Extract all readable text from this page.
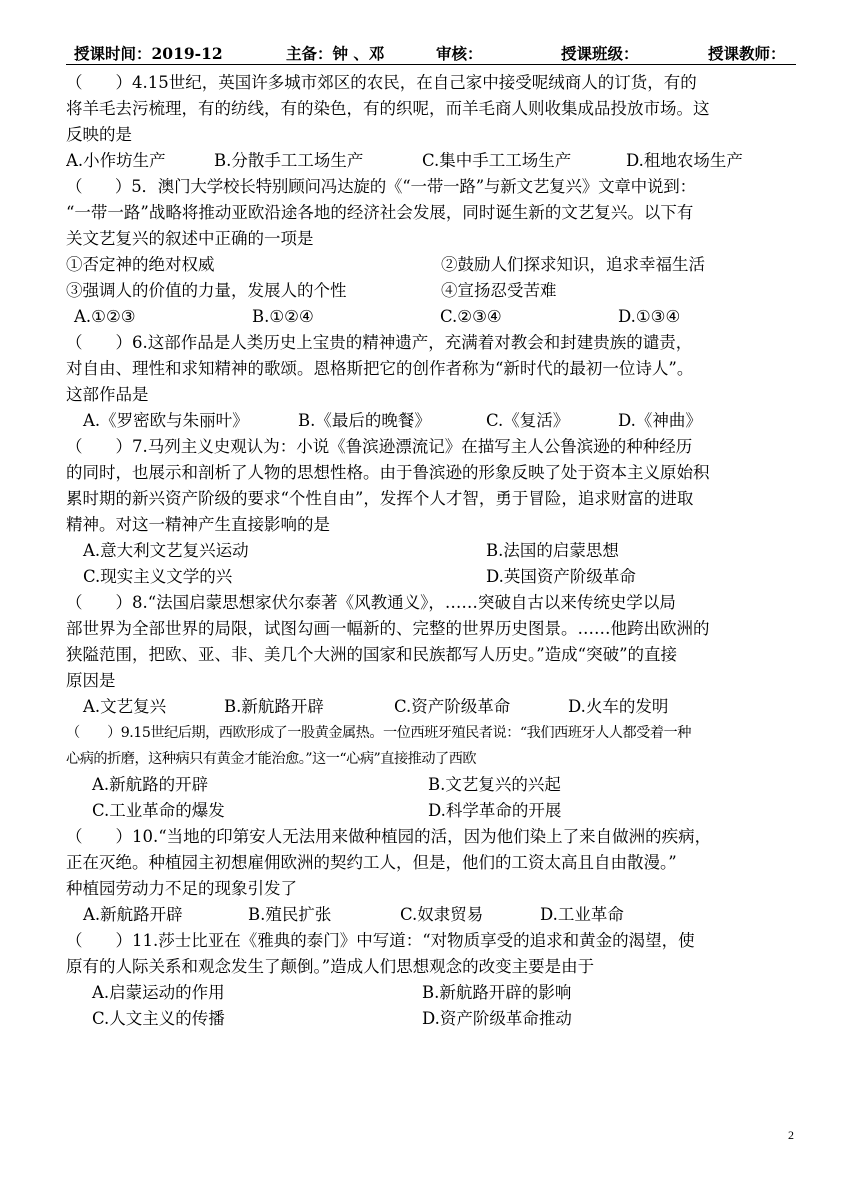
授课时间：2019-12	主备：钟 、邓	审核：	授课班级：	授课教师：
（　　）4.15世纪，英国许多城市郊区的农民，在自己家中接受呢绒商人的订货，有的
将羊毛去污梳理，有的纺线，有的染色，有的织呢，而羊毛商人则收集成品投放市场。这
反映的是
A.小作坊生产	B.分散手工工场生产	C.集中手工工场生产	D.租地农场生产
（　　）5．澳门大学校长特别顾问冯达旋的《“一带一路”与新文艺复兴》文章中说到：
“一带一路”战略将推动亚欧沿途各地的经济社会发展，同时诞生新的文艺复兴。以下有
关文艺复兴的叙述中正确的一项是
①否定神的绝对权威	②鼓励人们探求知识，追求幸福生活
③强调人的价值的力量，发展人的个性	④宣扬忍受苦难
A.①②③	B.①②④	C.②③④	D.①③④
（　　）6.这部作品是人类历史上宝贵的精神遗产，充满着对教会和封建贵族的谴责，
对自由、理性和求知精神的歌颂。恩格斯把它的创作者称为“新时代的最初一位诗人”。
这部作品是
A.《罗密欧与朱丽叶》	B.《最后的晚餐》	C.《复活》	D.《神曲》
（　　）7.马列主义史观认为：小说《鲁滨逊漂流记》在描写主人公鲁滨逊的种种经历
的同时，也展示和剖析了人物的思想性格。由于鲁滨逊的形象反映了处于资本主义原始积
累时期的新兴资产阶级的要求“个性自由”，发挥个人才智，勇于冒险，追求财富的进取
精神。对这一精神产生直接影响的是
A.意大利文艺复兴运动	B.法国的启蒙思想
C.现实主义文学的兴	D.英国资产阶级革命
（　　）8.“法国启蒙思想家伏尔泰著《风教通义》，……突破自古以来传统史学以局
部世界为全部世界的局限，试图勾画一幅新的、完整的世界历史图景。……他跨出欧洲的
狭隘范围，把欧、亚、非、美几个大洲的国家和民族都写人历史。”造成“突破”的直接
原因是
A.文艺复兴	B.新航路开辟	C.资产阶级革命	D.火车的发明
（　　）9.15世纪后期，西欧形成了一股黄金属热。一位西班牙殖民者说：“我们西班牙人人都受着一种
心病的折磨，这种病只有黄金才能治愈。”这一“心病”直接推动了西欧
A.新航路的开辟	B.文艺复兴的兴起
C.工业革命的爆发	D.科学革命的开展
（　　）10.“当地的印第安人无法用来做种植园的活，因为他们染上了来自做洲的疾病，
正在灭绝。种植园主初想雇佣欧洲的契约工人，但是，他们的工资太高且自由散漫。”
种植园劳动力不足的现象引发了
A.新航路开辟	B.殖民扩张	C.奴隶贸易	D.工业革命
（　　）11.莎士比亚在《雅典的泰门》中写道：“对物质享受的追求和黄金的渴望，使
原有的人际关系和观念发生了颠倒。”造成人们思想观念的改变主要是由于
A.启蒙运动的作用	B.新航路开辟的影响
C.人文主义的传播	D.资产阶级革命推动
2
